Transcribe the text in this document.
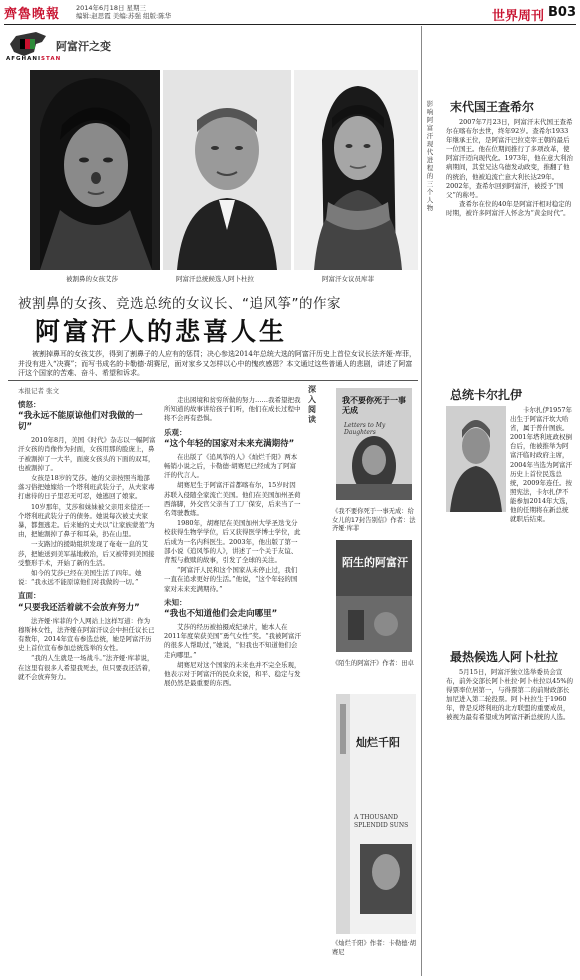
齊魯晚報 2014年6月18日 星期三
编辑:赵思霞 美编:苏强 组版:陈华	世界周刊 B03
阿富汗之变
AFGHANISTAN
被割鼻的女孩艾莎	阿富汗总统候选人阿卜杜拉	阿富汗女议员库菲
被割鼻的女孩、竞选总统的女议长、“追风筝”的作家
阿富汗人的悲喜人生
被割掉鼻耳的女孩艾莎，得到了割鼻子的人应有的惩罚；决心参选2014年总统大选的阿富汗历史上首位女议长法齐娅·库菲，并没有进入“决赛”；而写书成名的卡勒德·胡赛尼，面对家乡又怎样以心中的愧疚感恩？本文通过这些普通人的悲剧，讲述了阿富汗这个国家的苦难、奋斗、希望和诉求。
本报记者 张文
愤怒：
“我永远不能原谅他们对我做的一切”

2010年8月，美国《时代》杂志以一幅阿富汗女孩的肖像作为封面，女孩用那的脸庞上，鼻子被割掉了一大半，面庞女孩头的下面的双耳，也被割掉了。

女孩是18岁的艾莎。她的父亲按照当地部落习俗把她嫁给一个塔利班武装分子，从夫家毒打虐待的日子里忍无可忍，她逃回了娘家。

10岁那年，艾莎和妹妹被父亲用来偿还一个塔利班武装分子的债务。她说每次被丈夫家暴，都想逃走。后来她的丈夫以“让家族蒙羞”为由，把她割掉了鼻子和耳朵，扔在山里。

一支路过的援助组织发现了奄奄一息的艾莎，把她送到美军基地救治，后又被带到美国接受整形手术，开始了新的生活。

如今的艾莎已经在美国生活了四年。她说：“我永远不能原谅他们对我做的一切。”

直面：
“只要我还活着就不会放弃努力”

法齐娅·库菲的个人网站上这样写道：作为穆斯林女性，法齐娅在阿富汗议会中担任议长已有数年，2014年宣布参选总统，她是阿富汗历史上首位宣布参加总统选举的女性。

“我的人生就是一场战斗。”法齐娅·库菲说，在这里有很多人希望我死去，但只要我还活着，就不会放弃努力。

走出困境和贫穷所做的努力……我希望把我所知道的故事讲给孩子们听，他们在成长过程中将不会再有恐惧。

乐观：
“这个年轻的国家对未来充满期待”

在出版了《追风筝的人》《灿烂千阳》两本畅销小说之后，卡勒德·胡赛尼已经成为了阿富汗的代言人。

胡赛尼生于阿富汗首都喀布尔，15岁时因苏联入侵随全家流亡美国。他们在美国加州圣荷西落脚，外交官父亲当了工厂保安，后来当了一名驾驶教练。

1980年，胡赛尼在美国加州大学圣迭戈分校获得生物学学位，后又获得医学博士学位，此后成为一名内科医生。2003年，他出版了第一部小说《追风筝的人》，讲述了一个关于友谊、背叛与救赎的故事，引发了全球的关注。

“阿富汗人民和这个国家从未停止过，我们一直在追求更好的生活。”他说，“这个年轻的国家对未来充满期待。”

未知：
“我也不知道他们会走向哪里”

艾莎的经历被拍摄成纪录片，她本人在2011年度荣获美国“勇气女性”奖。“我被阿富汗的很多人帮助过，”她说，“但我也不知道他们会走向哪里。”

胡赛尼对这个国家的未来也并不完全乐观，他表示对于阿富汗的民众来说，和平、稳定与发展仍然是最重要的东西。

深入阅读
我不要你死于一事无成
Letters to My Daughters
《我不要你死于一事无成：给女儿的17封告别信》作者：法齐娅·库菲
陌生的阿富汗
《陌生的阿富汗》作者：田卓
灿烂千阳
A THOUSAND SPLENDID SUNS
《灿烂千阳》作者：卡勒德·胡赛尼
影响阿富汗现代进程的三个人物
末代国王查希尔

2007年7月23日，阿富汗末代国王查希尔在喀布尔去世，终年92岁。查希尔1933年继承王位，是阿富汗巴拉克宰王朝的最后一位国王。他在位期间推行了多项改革，使阿富汗迈向现代化。1973年，他在意大利治病期间，其堂兄达乌德发动政变，推翻了他的统治，他被迫流亡意大利长达29年。2002年，查希尔回到阿富汗，被授予“国父”的称号。

查希尔在位的40年是阿富汗相对稳定的时期，被许多阿富汗人怀念为“黄金时代”。

总统卡尔扎伊

卡尔扎伊1957年出生于阿富汗坎大哈省，属于普什图族。2001年塔利班政权倒台后，他被推举为阿富汗临时政府主席，2004年当选为阿富汗历史上首位民选总统，2009年连任。按照宪法，卡尔扎伊不能参加2014年大选，他的任期将在新总统就职后结束。

最热候选人阿卜杜拉

5月15日，阿富汗独立选举委员会宣布，前外交部长阿卜杜拉·阿卜杜拉以45%的得票率位居第一，与得票第二的前财政部长加尼进入第二轮投票。阿卜杜拉生于1960年，曾是反塔利班的北方联盟的重要成员，被视为最有希望成为阿富汗新总统的人选。
